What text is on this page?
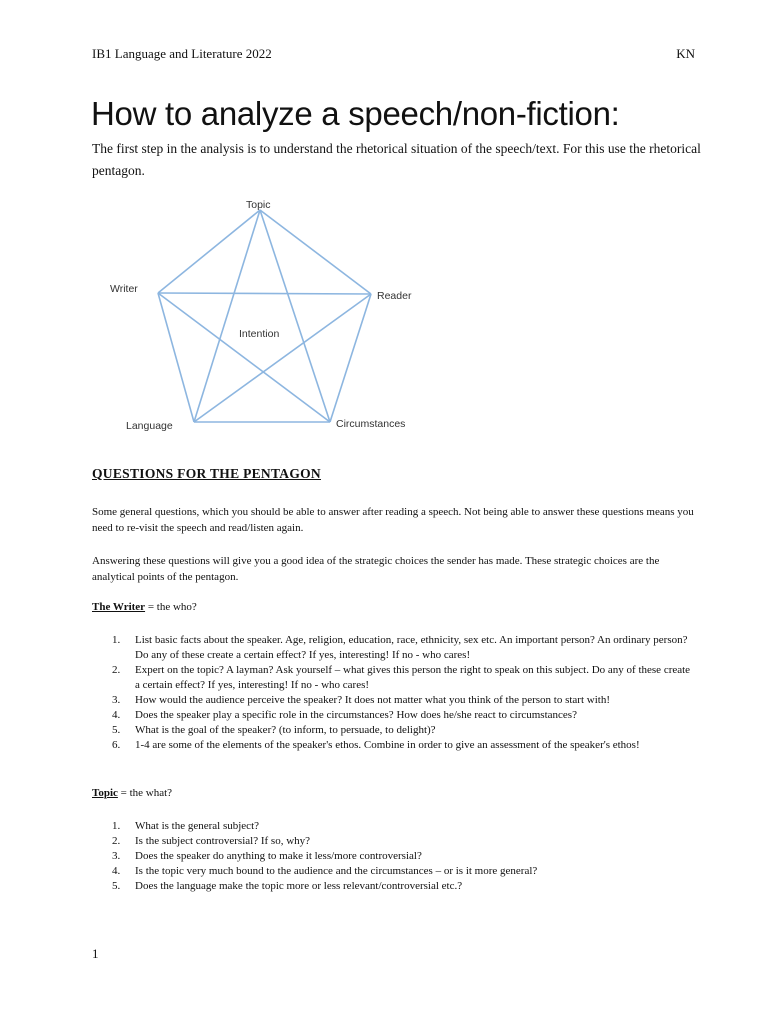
IB1 Language and Literature 2022	KN
How to analyze a speech/non-fiction:

The first step in the analysis is to understand the rhetorical situation of the speech/text. For this use the rhetorical pentagon.

Topic
Writer
Reader
Intention
Language	Circumstances
QUESTIONS FOR THE PENTAGON

Some general questions, which you should be able to answer after reading a speech. Not being able to answer these questions means you need to re-visit the speech and read/listen again.

Answering these questions will give you a good idea of the strategic choices the sender has made. These strategic choices are the analytical points of the pentagon.

The Writer = the who?

1. List basic facts about the speaker. Age, religion, education, race, ethnicity, sex etc. An important person? An ordinary person? Do any of these create a certain effect? If yes, interesting! If no - who cares!
2. Expert on the topic? A layman? Ask yourself – what gives this person the right to speak on this subject. Do any of these create a certain effect? If yes, interesting! If no - who cares!
3. How would the audience perceive the speaker? It does not matter what you think of the person to start with!
4. Does the speaker play a specific role in the circumstances? How does he/she react to circumstances?
5. What is the goal of the speaker? (to inform, to persuade, to delight)?
6. 1-4 are some of the elements of the speaker's ethos. Combine in order to give an assessment of the speaker's ethos!

Topic = the what?

1. What is the general subject?
2. Is the subject controversial? If so, why?
3. Does the speaker do anything to make it less/more controversial?
4. Is the topic very much bound to the audience and the circumstances – or is it more general?
5. Does the language make the topic more or less relevant/controversial etc.?
1
